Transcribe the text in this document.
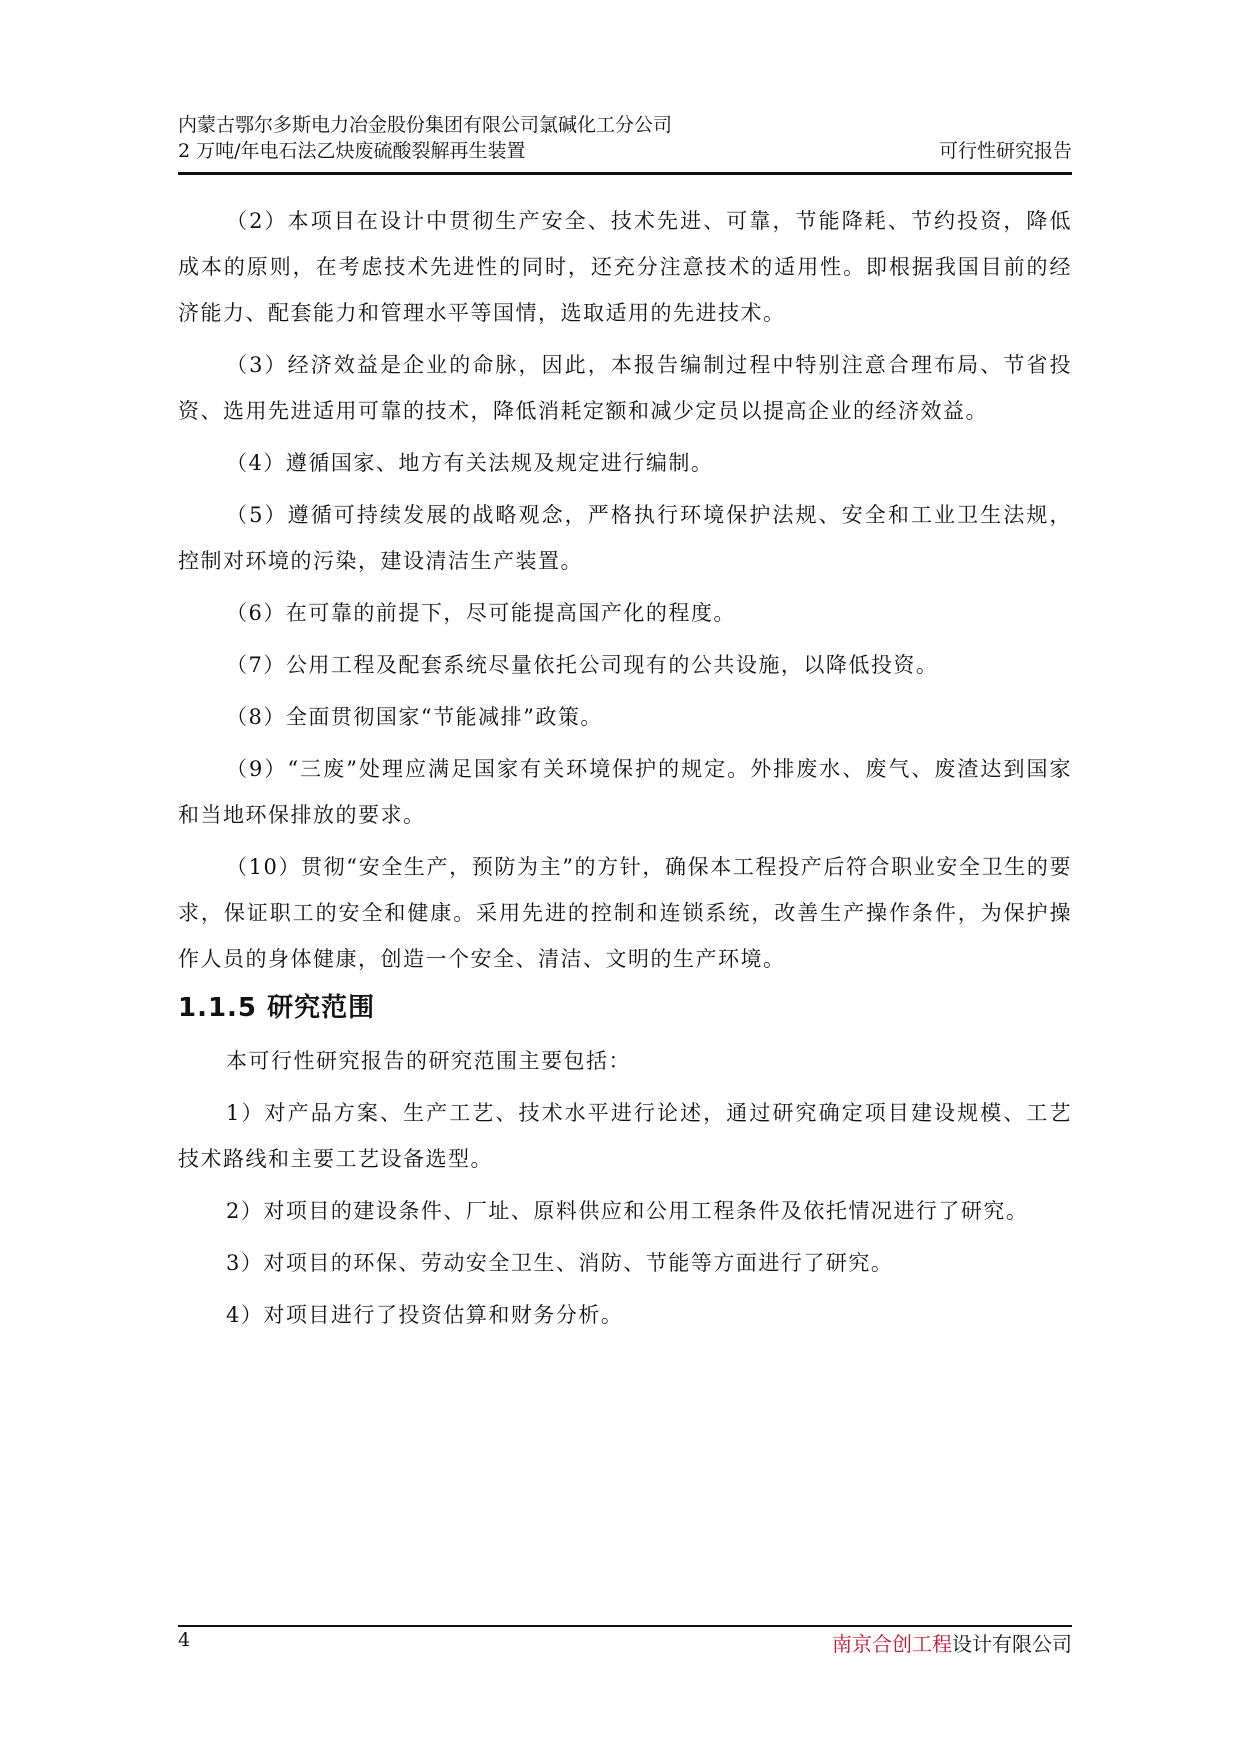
内蒙古鄂尔多斯电力冶金股份集团有限公司氯碱化工分公司
2 万吨/年电石法乙炔废硫酸裂解再生装置	可行性研究报告

（2）本项目在设计中贯彻生产安全、技术先进、可靠，节能降耗、节约投资，降低成本的原则，在考虑技术先进性的同时，还充分注意技术的适用性。即根据我国目前的经济能力、配套能力和管理水平等国情，选取适用的先进技术。

（3）经济效益是企业的命脉，因此，本报告编制过程中特别注意合理布局、节省投资、选用先进适用可靠的技术，降低消耗定额和减少定员以提高企业的经济效益。

（4）遵循国家、地方有关法规及规定进行编制。

（5）遵循可持续发展的战略观念，严格执行环境保护法规、安全和工业卫生法规，控制对环境的污染，建设清洁生产装置。

（6）在可靠的前提下，尽可能提高国产化的程度。

（7）公用工程及配套系统尽量依托公司现有的公共设施，以降低投资。

（8）全面贯彻国家“节能减排”政策。

（9）“三废”处理应满足国家有关环境保护的规定。外排废水、废气、废渣达到国家和当地环保排放的要求。

（10）贯彻“安全生产，预防为主”的方针，确保本工程投产后符合职业安全卫生的要求，保证职工的安全和健康。采用先进的控制和连锁系统，改善生产操作条件，为保护操作人员的身体健康，创造一个安全、清洁、文明的生产环境。

1.1.5 研究范围

本可行性研究报告的研究范围主要包括：

1）对产品方案、生产工艺、技术水平进行论述，通过研究确定项目建设规模、工艺技术路线和主要工艺设备选型。

2）对项目的建设条件、厂址、原料供应和公用工程条件及依托情况进行了研究。

3）对项目的环保、劳动安全卫生、消防、节能等方面进行了研究。

4）对项目进行了投资估算和财务分析。

4	南京合创工程设计有限公司
